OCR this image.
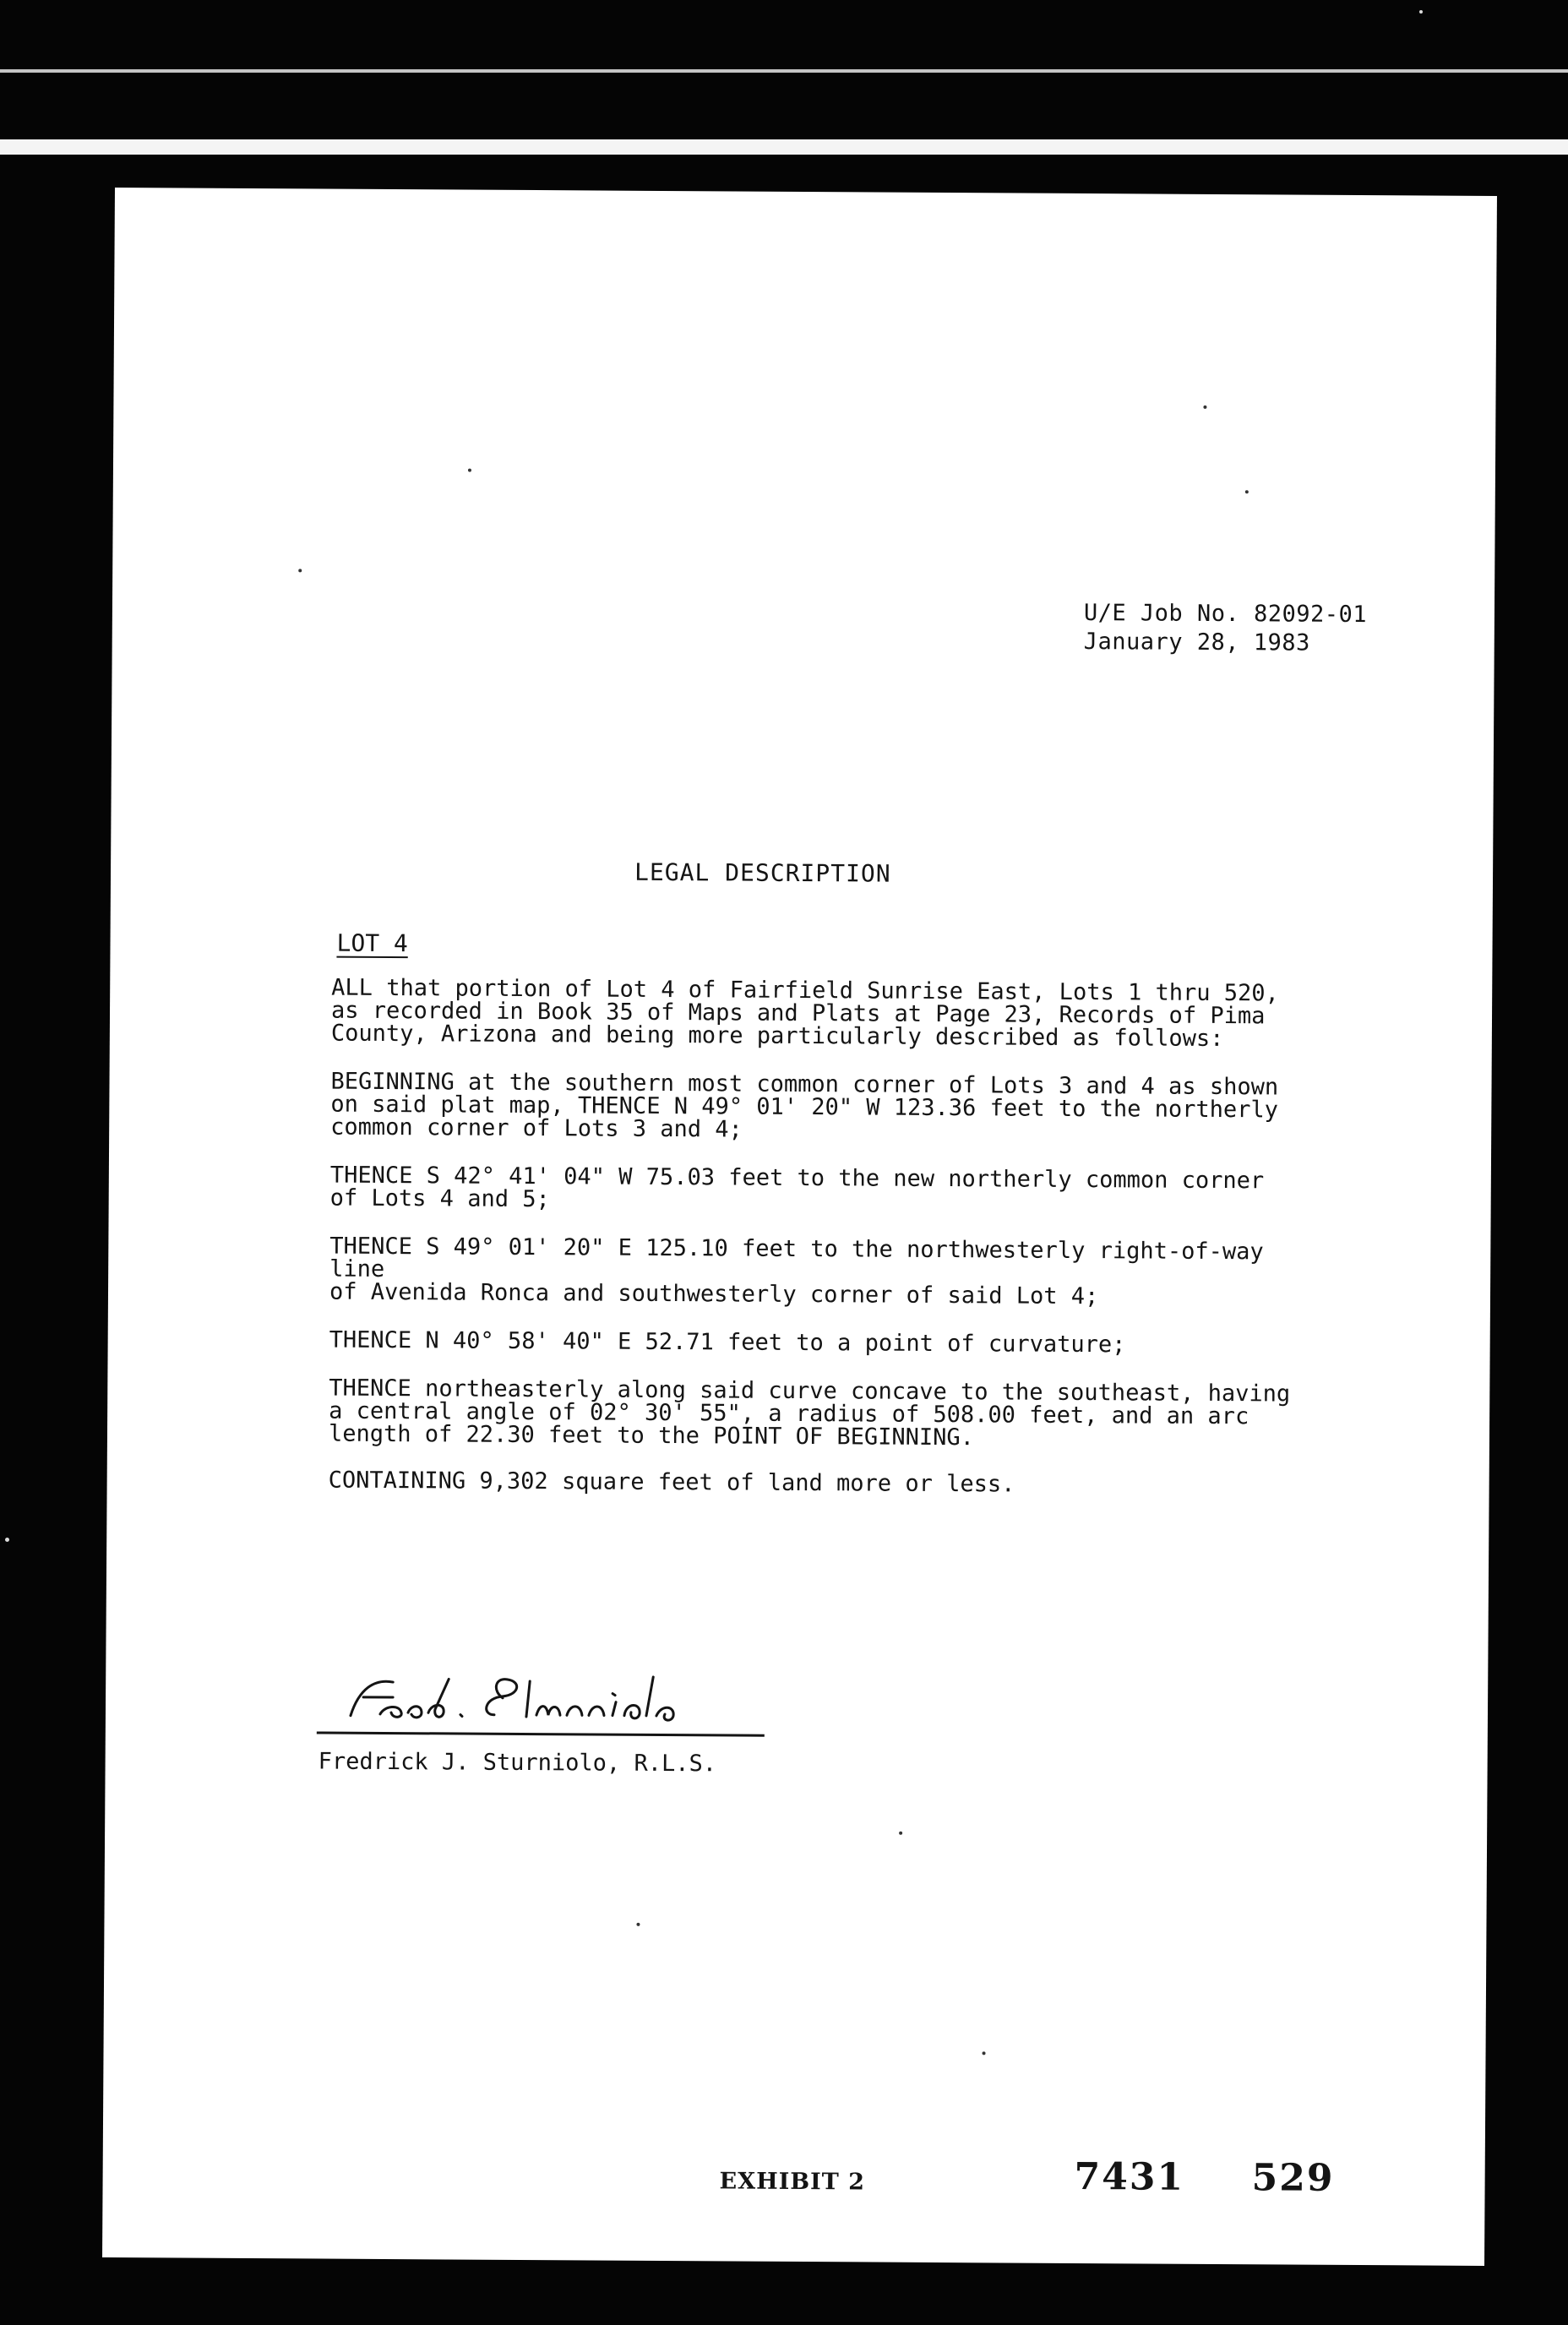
U/E Job No. 82092-01
January 28, 1983
LEGAL DESCRIPTION
LOT 4

ALL that portion of Lot 4 of Fairfield Sunrise East, Lots 1 thru 520,
as recorded in Book 35 of Maps and Plats at Page 23, Records of Pima
County, Arizona and being more particularly described as follows:

BEGINNING at the southern most common corner of Lots 3 and 4 as shown
on said plat map, THENCE N 49° 01' 20" W 123.36 feet to the northerly
common corner of Lots 3 and 4;

THENCE S 42° 41' 04" W 75.03 feet to the new northerly common corner
of Lots 4 and 5;

THENCE S 49° 01' 20" E 125.10 feet to the northwesterly right-of-way line
of Avenida Ronca and southwesterly corner of said Lot 4;

THENCE N 40° 58' 40" E 52.71 feet to a point of curvature;

THENCE northeasterly along said curve concave to the southeast, having
a central angle of 02° 30' 55", a radius of 508.00 feet, and an arc
length of 22.30 feet to the POINT OF BEGINNING.

CONTAINING 9,302 square feet of land more or less.

Fredrick J. Sturniolo, R.L.S.
EXHIBIT 2	7431 529
